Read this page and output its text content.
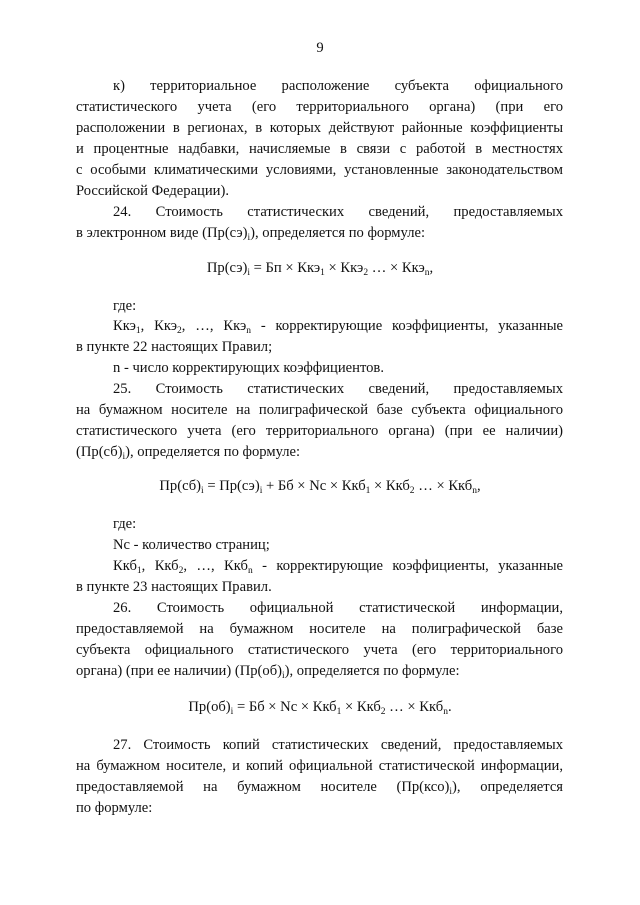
9
к) территориальное расположение субъекта официального
статистического учета (его территориального органа) (при его
расположении в регионах, в которых действуют районные коэффициенты
и процентные надбавки, начисляемые в связи с работой в местностях
с особыми климатическими условиями, установленные законодательством
Российской Федерации).
24. Стоимость статистических сведений, предоставляемых
в электронном виде $(Пр(сэ)_i)$, определяется по формуле:
$Пр(сэ)_i$ = Бп × Ккэ$_1$ × Ккэ$_2$ … × Ккэ$_n$,
где:
Ккэ$_1$, Ккэ$_2$, …, Ккэ$_n$ - корректирующие коэффициенты, указанные
в пункте 22 настоящих Правил;
n - число корректирующих коэффициентов.
25. Стоимость статистических сведений, предоставляемых
на бумажном носителе на полиграфической базе субъекта официального
статистического учета (его территориального органа) (при ее наличии)
$(Пр(сб)_i)$, определяется по формуле:
$Пр(сб)_i = Пр(сэ)_i$ + Бб × Nc × Ккб$_1$ × Ккб$_2$ … × Ккб$_n$,
где:
Nc - количество страниц;
Ккб$_1$, Ккб$_2$, …, Ккб$_n$ - корректирующие коэффициенты, указанные
в пункте 23 настоящих Правил.
26. Стоимость официальной статистической информации,
предоставляемой на бумажном носителе на полиграфической базе
субъекта официального статистического учета (его территориального
органа) (при ее наличии) $(Пр(об)_i)$, определяется по формуле:
$Пр(об)_i$ = Бб × Nc × Ккб$_1$ × Ккб$_2$ … × Ккб$_n$.
27. Стоимость копий статистических сведений, предоставляемых
на бумажном носителе, и копий официальной статистической информации,
предоставляемой на бумажном носителе $(Пр(ксо)_i)$, определяется
по формуле:
